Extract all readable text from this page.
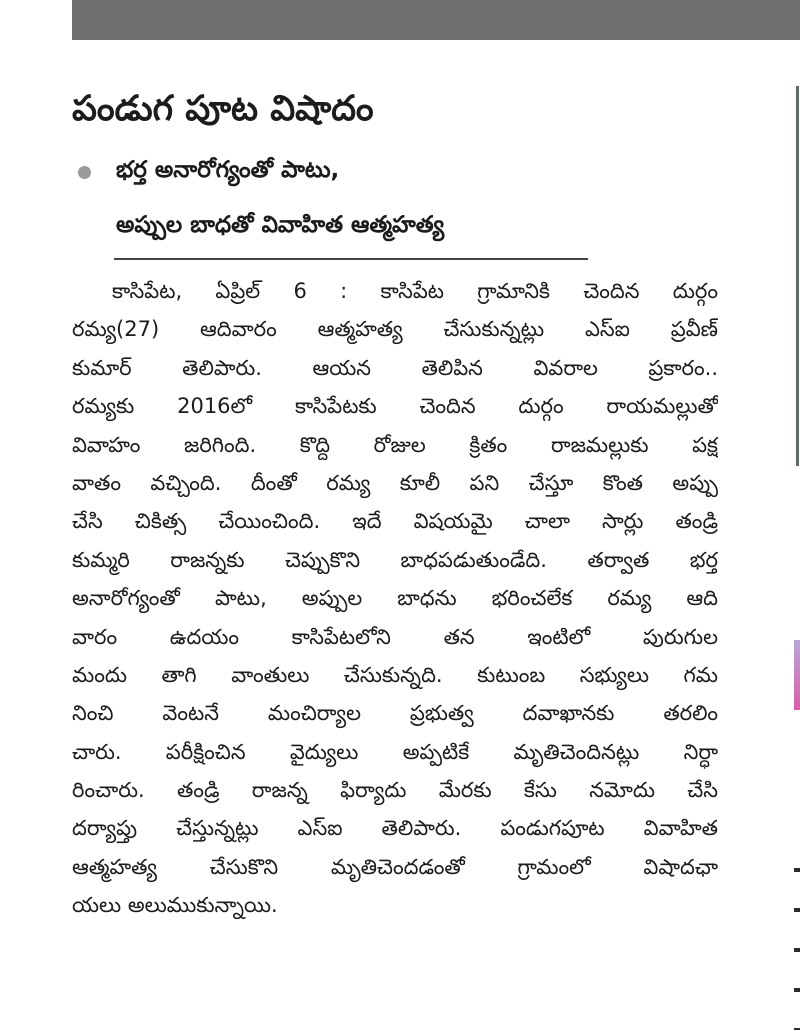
పండుగ పూట విషాదం
భర్త అనారోగ్యంతో పాటు,
అప్పుల బాధతో వివాహిత ఆత్మహత్య
కాసిపేట, ఏప్రిల్ 6 : కాసిపేట గ్రామానికి చెందిన దుర్గం
రమ్య(27) ఆదివారం ఆత్మహత్య చేసుకున్నట్లు ఎస్ఐ ప్రవీణ్
కుమార్ తెలిపారు. ఆయన తెలిపిన వివరాల ప్రకారం..
రమ్యకు 2016లో కాసిపేటకు చెందిన దుర్గం రాయమల్లుతో
వివాహం జరిగింది. కొద్ది రోజుల క్రితం రాజమల్లుకు పక్ష
వాతం వచ్చింది. దీంతో రమ్య కూలీ పని చేస్తూ కొంత అప్పు
చేసి చికిత్స చేయించింది. ఇదే విషయమై చాలా సార్లు తండ్రి
కుమ్మరి రాజన్నకు చెప్పుకొని బాధపడుతుండేది. తర్వాత భర్త
అనారోగ్యంతో పాటు, అప్పుల బాధను భరించలేక రమ్య ఆది
వారం ఉదయం కాసిపేటలోని తన ఇంటిలో పురుగుల
మందు తాగి వాంతులు చేసుకున్నది. కుటుంబ సభ్యులు గమ
నించి వెంటనే మంచిర్యాల ప్రభుత్వ దవాఖానకు తరలిం
చారు. పరీక్షించిన వైద్యులు అప్పటికే మృతిచెందినట్లు నిర్ధా
రించారు. తండ్రి రాజన్న ఫిర్యాదు మేరకు కేసు నమోదు చేసి
దర్యాప్తు చేస్తున్నట్లు ఎస్ఐ తెలిపారు. పండుగపూట వివాహిత
ఆత్మహత్య చేసుకొని మృతిచెందడంతో గ్రామంలో విషాదఛా
యలు అలుముకున్నాయి.
